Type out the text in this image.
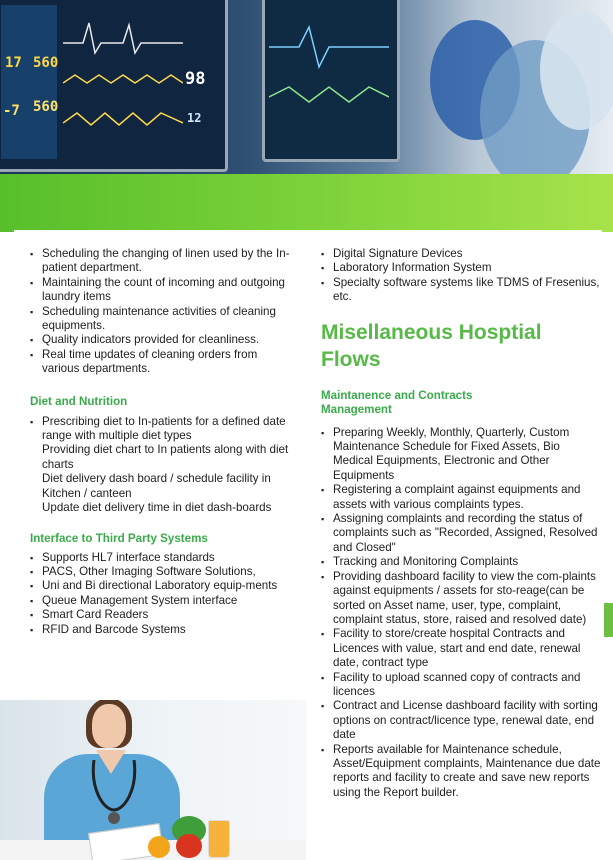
17 560
-7 560
98
12
▪ Scheduling the changing of linen used by the In-patient department.
▪ Maintaining the count of incoming and outgoing laundry items
▪ Scheduling maintenance activities of cleaning equipments.
▪ Quality indicators provided for cleanliness.
▪ Real time updates of cleaning orders from various departments.
Diet and Nutrition
▪ Prescribing diet to In-patients for a defined date range with multiple diet types
Providing diet chart to In patients along with diet charts
Diet delivery dash board / schedule facility in Kitchen / canteen
Update diet delivery time in diet dash-boards
Interface to Third Party Systems
▪ Supports HL7 interface standards
▪ PACS, Other Imaging Software Solutions,
▪ Uni and Bi directional Laboratory equip-ments
▪ Queue Management System interface
▪ Smart Card Readers
▪ RFID and Barcode Systems
▪ Digital Signature Devices
▪ Laboratory Information System
▪ Specialty software systems like TDMS of Fresenius, etc.
Misellaneous Hosptial Flows
Maintanence and Contracts Management
▪ Preparing Weekly, Monthly, Quarterly, Custom Maintenance Schedule for Fixed Assets, Bio Medical Equipments, Electronic and Other Equipments
▪ Registering a complaint against equipments and assets with various complaints types.
▪ Assigning complaints and recording the status of complaints such as "Recorded, Assigned, Resolved and Closed"
▪ Tracking and Monitoring Complaints
▪ Providing dashboard facility to view the com-plaints against equipments / assets for sto-reage(can be sorted on Asset name, user, type, complaint, complaint status, store, raised and resolved date)
▪ Facility to store/create hospital Contracts and Licences with value, start and end date, renewal date, contract type
▪ Facility to upload scanned copy of contracts and licences
▪ Contract and License dashboard facility with sorting options on contract/licence type, renewal date, end date
▪ Reports available for Maintenance schedule, Asset/Equipment complaints, Maintenance due date reports and facility to create and save new reports using the Report builder.
